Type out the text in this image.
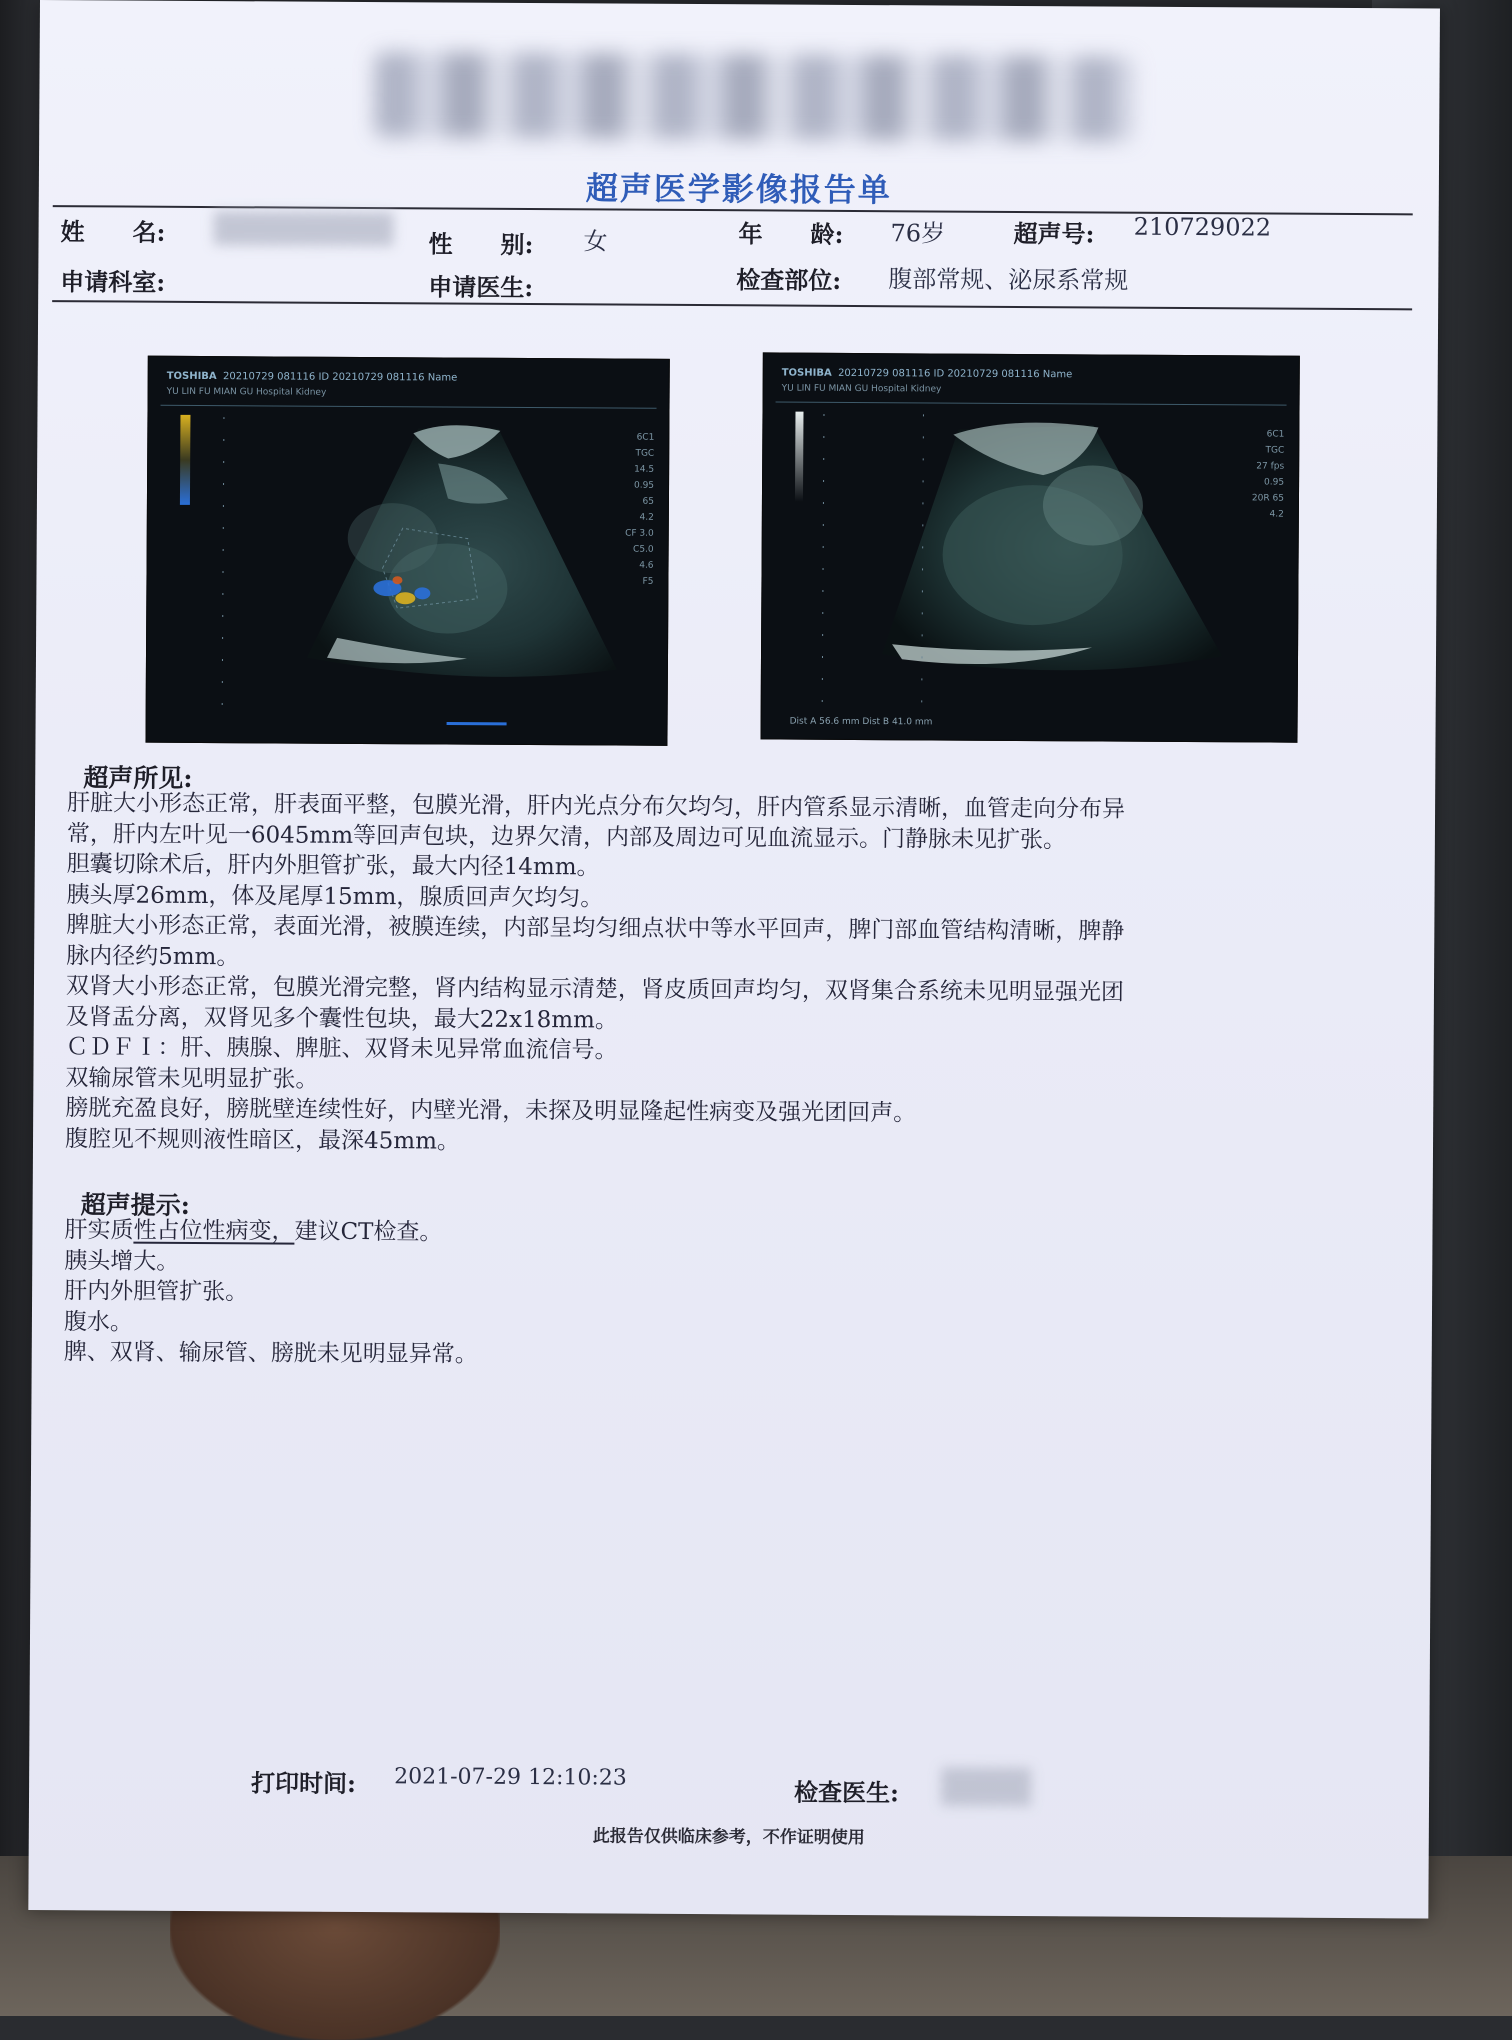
超声医学影像报告单
姓　　名:	性　　别: 女	年　　龄: 76岁	超声号: 210729022
申请科室:	申请医生:	检查部位: 腹部常规、泌尿系常规
TOSHIBA 20210729 081116 ID 20210729 081116 Name
YU LIN FU MIAN GU Hospital Kidney
6C1
TGC
14.5
0.95
65
4.2
CF 3.0
C5.0
4.6
F5
TOSHIBA 20210729 081116 ID 20210729 081116 Name
YU LIN FU MIAN GU Hospital Kidney
6C1
TGC
27 fps
0.95
20R 65
4.2
Dist A 56.6 mm Dist B 41.0 mm
超声所见:
肝脏大小形态正常，肝表面平整，包膜光滑，肝内光点分布欠均匀，肝内管系显示清晰，血管走向分布异
常，肝内左叶见一6045mm等回声包块，边界欠清，内部及周边可见血流显示。门静脉未见扩张。
胆囊切除术后，肝内外胆管扩张，最大内径14mm。
胰头厚26mm，体及尾厚15mm，腺质回声欠均匀。
脾脏大小形态正常，表面光滑，被膜连续，内部呈均匀细点状中等水平回声，脾门部血管结构清晰，脾静
脉内径约5mm。
双肾大小形态正常，包膜光滑完整，肾内结构显示清楚，肾皮质回声均匀，双肾集合系统未见明显强光团
及肾盂分离，双肾见多个囊性包块，最大22x18mm。
ＣＤＦＩ：肝、胰腺、脾脏、双肾未见异常血流信号。
双输尿管未见明显扩张。
膀胱充盈良好，膀胱壁连续性好，内壁光滑，未探及明显隆起性病变及强光团回声。
腹腔见不规则液性暗区，最深45mm。
超声提示:
肝实质性占位性病变，建议CT检查。
胰头增大。
肝内外胆管扩张。
腹水。
脾、双肾、输尿管、膀胱未见明显异常。
打印时间: 2021-07-29 12:10:23
检查医生:
此报告仅供临床参考，不作证明使用
